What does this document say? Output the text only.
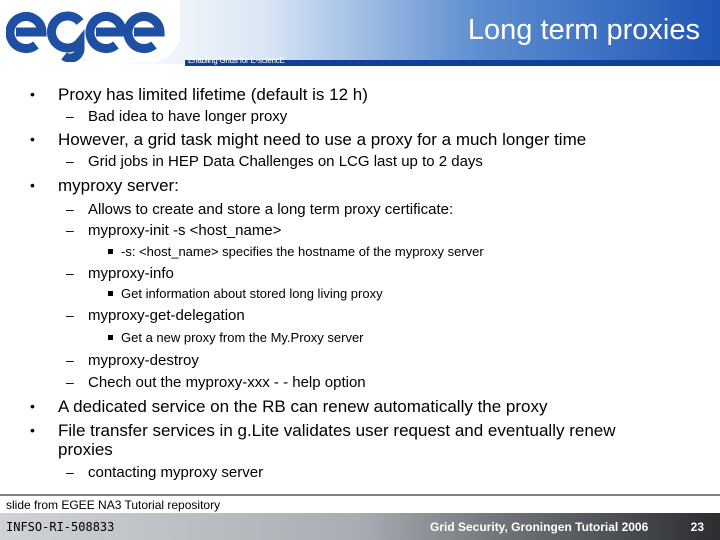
Enabling Grids for E-sciencE
Long term proxies
• Proxy has limited lifetime (default is 12 h)
– Bad idea to have longer proxy
• However, a grid task might need to use a proxy for a much longer time
– Grid jobs in HEP Data Challenges on LCG last up to 2 days
• myproxy server:
– Allows to create and store a long term proxy certificate:
– myproxy-init -s <host_name>
-s: <host_name> specifies the hostname of the myproxy server
– myproxy-info
Get information about stored long living proxy
– myproxy-get-delegation
Get a new proxy from the My.Proxy server
– myproxy-destroy
– Chech out the myproxy-xxx - - help option
• A dedicated service on the RB can renew automatically the proxy
• File transfer services in g.Lite validates user request and eventually renew
proxies
– contacting myproxy server
slide from EGEE NA3 Tutorial repository
INFSO-RI-508833	Grid Security, Groningen Tutorial 2006	23
